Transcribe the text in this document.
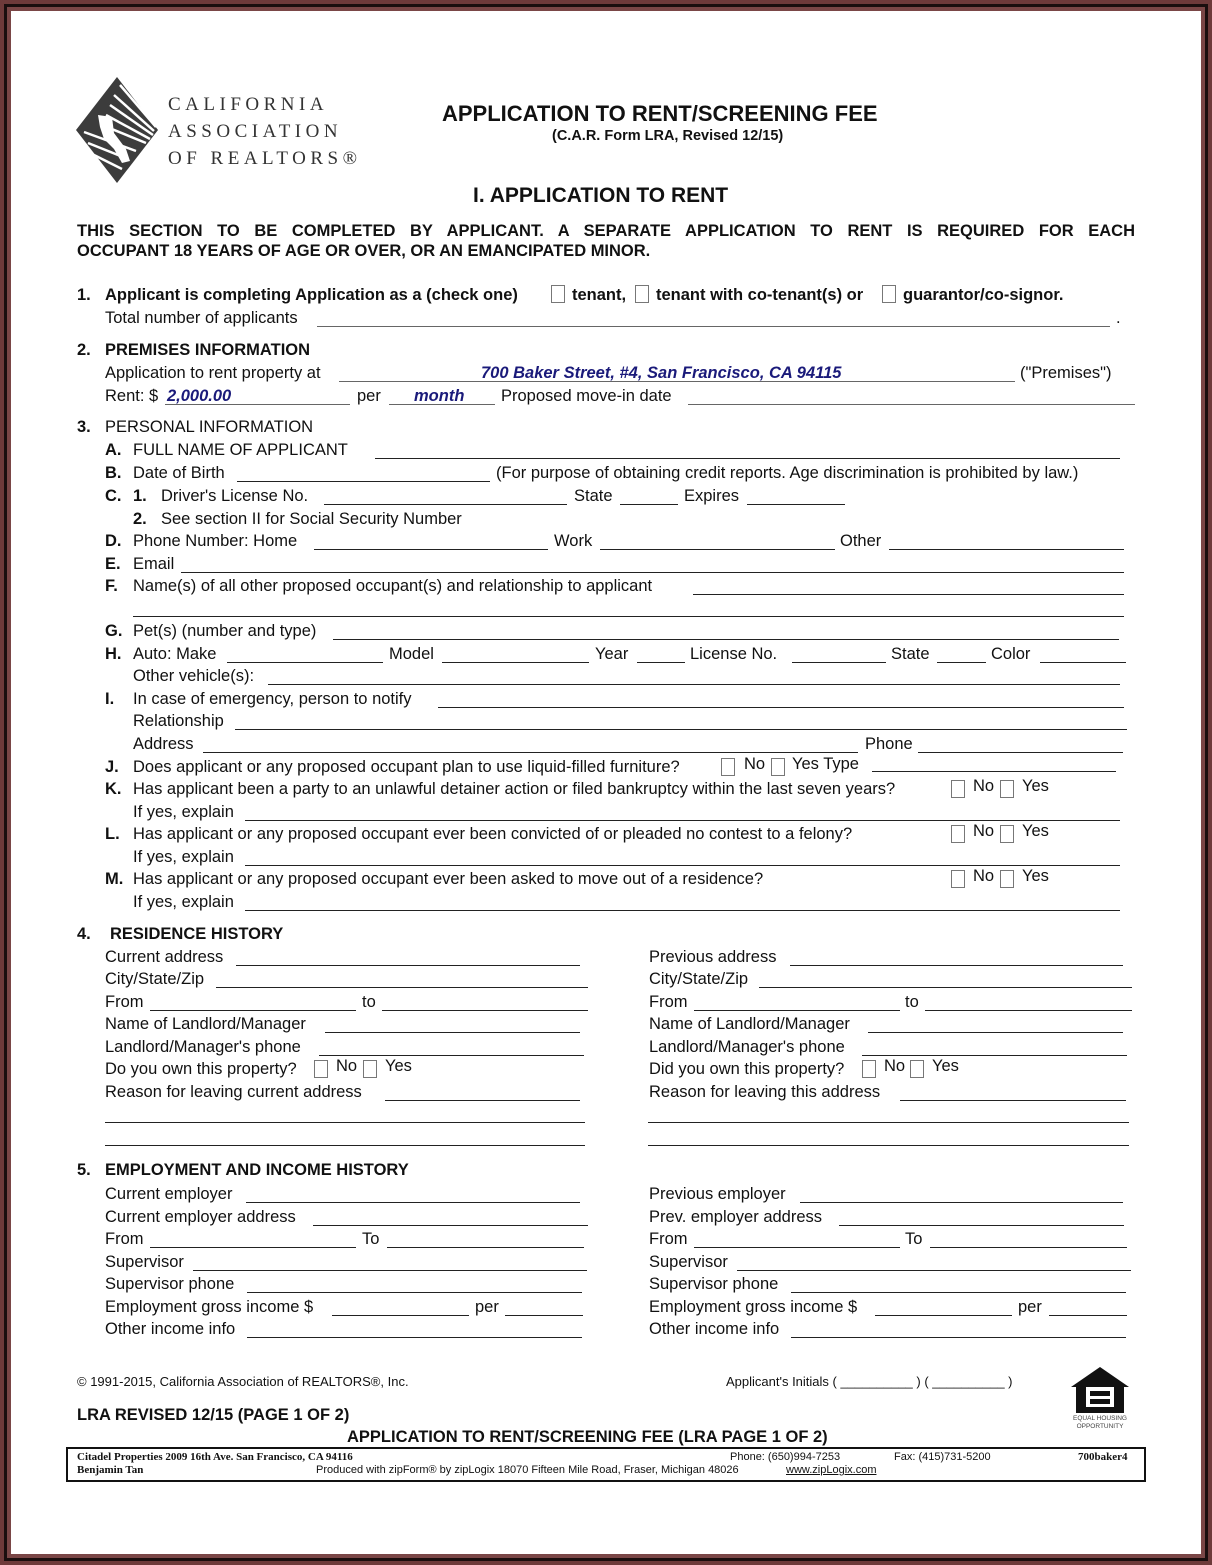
CALIFORNIA
ASSOCIATION
OF REALTORS®
APPLICATION TO RENT/SCREENING FEE
(C.A.R. Form LRA, Revised 12/15)
I. APPLICATION TO RENT
THIS SECTION TO BE COMPLETED BY APPLICANT. A SEPARATE APPLICATION TO RENT IS REQUIRED FOR EACH
OCCUPANT 18 YEARS OF AGE OR OVER, OR AN EMANCIPATED MINOR.
1. Applicant is completing Application as a (check one)	tenant, tenant with co-tenant(s) or guarantor/co-signor.
Total number of applicants	.
2. PREMISES INFORMATION
Application to rent property at	700 Baker Street, #4, San Francisco, CA 94115	("Premises")
Rent: $ 2,000.00	per month Proposed move-in date
3. PERSONAL INFORMATION
A. FULL NAME OF APPLICANT
B. Date of Birth	(For purpose of obtaining credit reports. Age discrimination is prohibited by law.)
C. 1. Driver's License No.	State	Expires
2. See section II for Social Security Number
D. Phone Number: Home	Work	Other
E. Email
F. Name(s) of all other proposed occupant(s) and relationship to applicant
G. Pet(s) (number and type)
H. Auto: Make	Model	Year	License No.	State	Color
Other vehicle(s):
I. In case of emergency, person to notify
Relationship
Address	Phone
J. Does applicant or any proposed occupant plan to use liquid-filled furniture?	No Yes Type
K. Has applicant been a party to an unlawful detainer action or filed bankruptcy within the last seven years?	No Yes
If yes, explain
L. Has applicant or any proposed occupant ever been convicted of or pleaded no contest to a felony?	No Yes
If yes, explain
M. Has applicant or any proposed occupant ever been asked to move out of a residence?	No Yes
If yes, explain
4. RESIDENCE HISTORY
Current address
City/State/Zip
From	to
Name of Landlord/Manager
Landlord/Manager's phone
Do you own this property? No Yes
Reason for leaving current address
Previous address
City/State/Zip
From	to
Name of Landlord/Manager
Landlord/Manager's phone
Did you own this property? No Yes
Reason for leaving this address
5. EMPLOYMENT AND INCOME HISTORY
Current employer
Current employer address
From	To
Supervisor
Supervisor phone
Employment gross income $	per
Other income info
Previous employer
Prev. employer address
From	To
Supervisor
Supervisor phone
Employment gross income $	per
Other income info
© 1991-2015, California Association of REALTORS®, Inc.	Applicant's Initials ( __________ ) ( __________ )
EQUAL HOUSING
OPPORTUNITY
LRA REVISED 12/15 (PAGE 1 OF 2)
APPLICATION TO RENT/SCREENING FEE (LRA PAGE 1 OF 2)
Citadel Properties 2009 16th Ave. San Francisco, CA 94116
Benjamin Tan	Produced with zipForm® by zipLogix 18070 Fifteen Mile Road, Fraser, Michigan 48026	www.zipLogix.com
Phone: (650)994-7253	Fax: (415)731-5200	700baker4
